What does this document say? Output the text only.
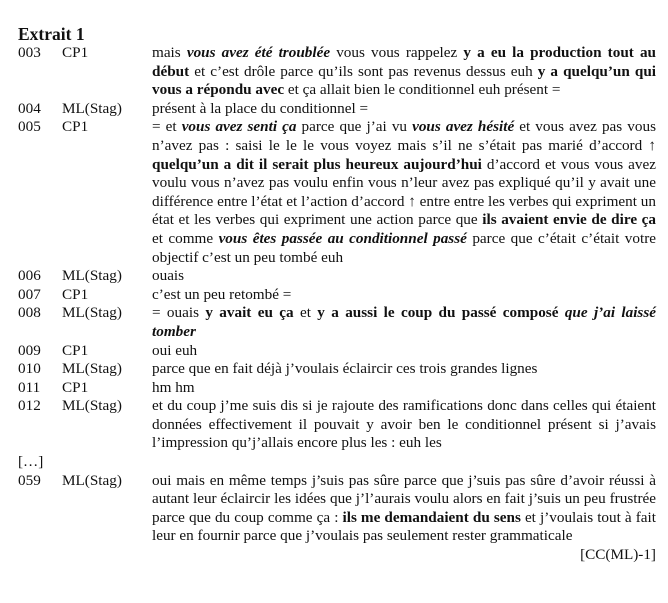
Extrait 1
003	CP1	mais vous avez été troublée vous vous rappelez y a eu la production tout au début et c’est drôle parce qu’ils sont pas revenus dessus euh y a quelqu’un qui vous a répondu avec et ça allait bien le conditionnel euh présent =
004	ML(Stag)	présent à la place du conditionnel =
005	CP1	= et vous avez senti ça parce que j’ai vu vous avez hésité et vous avez pas vous n’avez pas : saisi le le le vous voyez mais s’il ne s’était pas marié d’accord ↑ quelqu’un a dit il serait plus heureux aujourd’hui d’accord et vous vous avez voulu vous n’avez pas voulu enfin vous n’leur avez pas expliqué qu’il y avait une différence entre l’état et l’action d’accord ↑ entre entre les verbes qui expriment un état et les verbes qui expriment une action parce que ils avaient envie de dire ça et comme vous êtes passée au conditionnel passé parce que c’était c’était votre objectif c’est un peu tombé euh
006	ML(Stag)	ouais
007	CP1	c’est un peu retombé =
008	ML(Stag)	= ouais y avait eu ça et y a aussi le coup du passé composé que j’ai laissé tomber
009	CP1	oui euh
010	ML(Stag)	parce que en fait déjà j’voulais éclaircir ces trois grandes lignes
011	CP1	hm hm
012	ML(Stag)	et du coup j’me suis dis si je rajoute des ramifications donc dans celles qui étaient données effectivement il pouvait y avoir ben le conditionnel présent si j’avais l’impression qu’j’allais encore plus les : euh les
[…]
059	ML(Stag)	oui mais en même temps j’suis pas sûre parce que j’suis pas sûre d’avoir réussi à autant leur éclaircir les idées que j’l’aurais voulu alors en fait j’suis un peu frustrée parce que du coup comme ça : ils me demandaient du sens et j’voulais tout à fait leur en fournir parce que j’voulais pas seulement rester grammaticale
[CC(ML)-1]
